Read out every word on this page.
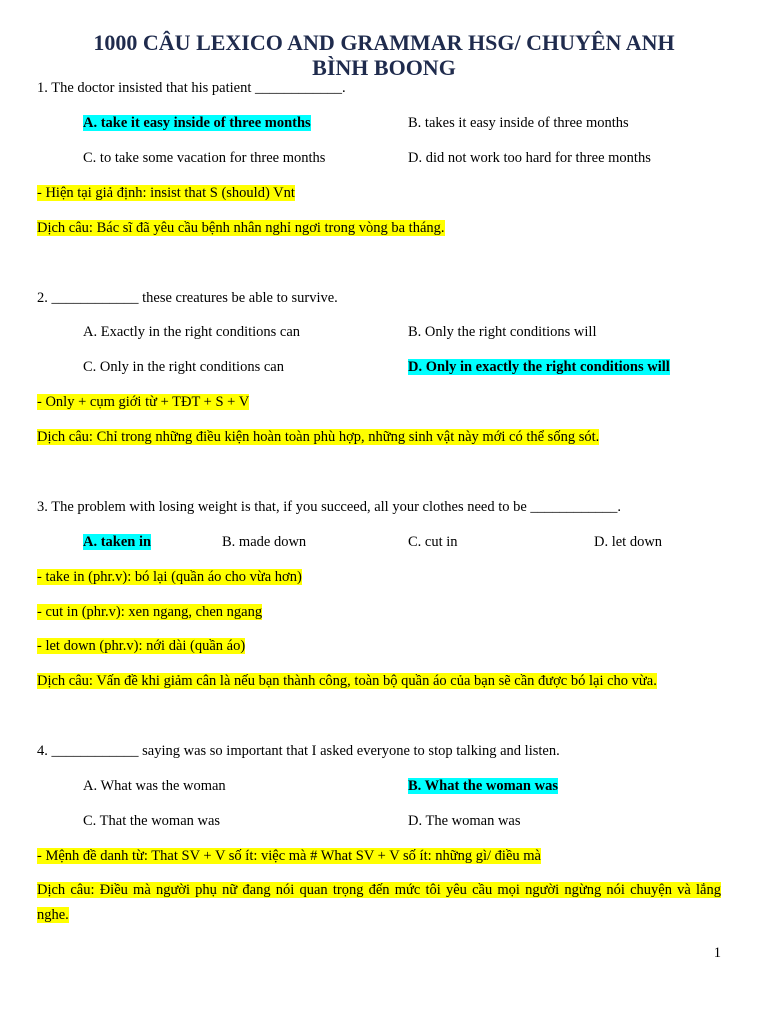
1000 CÂU LEXICO AND GRAMMAR HSG/ CHUYÊN ANH
BÌNH BOONG
1. The doctor insisted that his patient ____________.
A. take it easy inside of three months	B. takes it easy inside of three months
C. to take some vacation for three months	D. did not work too hard for three months
- Hiện tại giả định: insist that S (should) Vnt
Dịch câu: Bác sĩ đã yêu cầu bệnh nhân nghỉ ngơi trong vòng ba tháng.
2. ____________ these creatures be able to survive.
A. Exactly in the right conditions can	B. Only the right conditions will
C. Only in the right conditions can	D. Only in exactly the right conditions will
- Only + cụm giới từ + TĐT + S + V
Dịch câu: Chỉ trong những điều kiện hoàn toàn phù hợp, những sinh vật này mới có thể sống sót.
3. The problem with losing weight is that, if you succeed, all your clothes need to be ____________.
A. taken in	B. made down	C. cut in	D. let down
- take in (phr.v): bó lại (quần áo cho vừa hơn)
- cut in (phr.v): xen ngang, chen ngang
- let down (phr.v): nới dài (quần áo)
Dịch câu: Vấn đề khi giảm cân là nếu bạn thành công, toàn bộ quần áo của bạn sẽ cần được bó lại cho vừa.
4. ____________ saying was so important that I asked everyone to stop talking and listen.
A. What was the woman	B. What the woman was
C. That the woman was	D. The woman was
- Mệnh đề danh từ: That SV + V số ít: việc mà # What SV + V số ít: những gì/ điều mà
Dịch câu: Điều mà người phụ nữ đang nói quan trọng đến mức tôi yêu cầu mọi người ngừng nói chuyện và lắng nghe.
1
